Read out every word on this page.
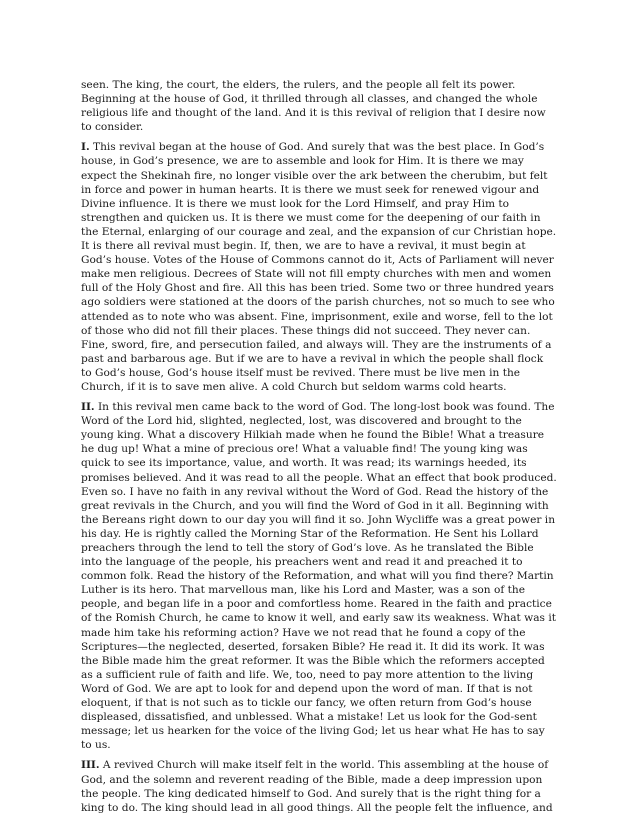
seen. The king, the court, the elders, the rulers, and the people all felt its power. Beginning at the house of God, it thrilled through all classes, and changed the whole religious life and thought of the land. And it is this revival of religion that I desire now to consider.

I. This revival began at the house of God. And surely that was the best place. In God’s house, in God’s presence, we are to assemble and look for Him. It is there we may expect the Shekinah fire, no longer visible over the ark between the cherubim, but felt in force and power in human hearts. It is there we must seek for renewed vigour and Divine influence. It is there we must look for the Lord Himself, and pray Him to strengthen and quicken us. It is there we must come for the deepening of our faith in the Eternal, enlarging of our courage and zeal, and the expansion of cur Christian hope. It is there all revival must begin. If, then, we are to have a revival, it must begin at God’s house. Votes of the House of Commons cannot do it, Acts of Parliament will never make men religious. Decrees of State will not fill empty churches with men and women full of the Holy Ghost and fire. All this has been tried. Some two or three hundred years ago soldiers were stationed at the doors of the parish churches, not so much to see who attended as to note who was absent. Fine, imprisonment, exile and worse, fell to the lot of those who did not fill their places. These things did not succeed. They never can. Fine, sword, fire, and persecution failed, and always will. They are the instruments of a past and barbarous age. But if we are to have a revival in which the people shall flock to God’s house, God’s house itself must be revived. There must be live men in the Church, if it is to save men alive. A cold Church but seldom warms cold hearts.

II. In this revival men came back to the word of God. The long-lost book was found. The Word of the Lord hid, slighted, neglected, lost, was discovered and brought to the young king. What a discovery Hilkiah made when he found the Bible! What a treasure he dug up! What a mine of precious ore! What a valuable find! The young king was quick to see its importance, value, and worth. It was read; its warnings heeded, its promises believed. And it was read to all the people. What an effect that book produced. Even so. I have no faith in any revival without the Word of God. Read the history of the great revivals in the Church, and you will find the Word of God in it all. Beginning with the Bereans right down to our day you will find it so. John Wycliffe was a great power in his day. He is rightly called the Morning Star of the Reformation. He Sent his Lollard preachers through the lend to tell the story of God’s love. As he translated the Bible into the language of the people, his preachers went and read it and preached it to common folk. Read the history of the Reformation, and what will you find there? Martin Luther is its hero. That marvellous man, like his Lord and Master, was a son of the people, and began life in a poor and comfortless home. Reared in the faith and practice of the Romish Church, he came to know it well, and early saw its weakness. What was it made him take his reforming action? Have we not read that he found a copy of the Scriptures—the neglected, deserted, forsaken Bible? He read it. It did its work. It was the Bible made him the great reformer. It was the Bible which the reformers accepted as a sufficient rule of faith and life. We, too, need to pay more attention to the living Word of God. We are apt to look for and depend upon the word of man. If that is not eloquent, if that is not such as to tickle our fancy, we often return from God’s house displeased, dissatisfied, and unblessed. What a mistake! Let us look for the God-sent message; let us hearken for the voice of the living God; let us hear what He has to say to us.

III. A revived Church will make itself felt in the world. This assembling at the house of God, and the solemn and reverent reading of the Bible, made a deep impression upon the people. The king dedicated himself to God. And surely that is the right thing for a king to do. The king should lead in all good things. All the people felt the influence, and
